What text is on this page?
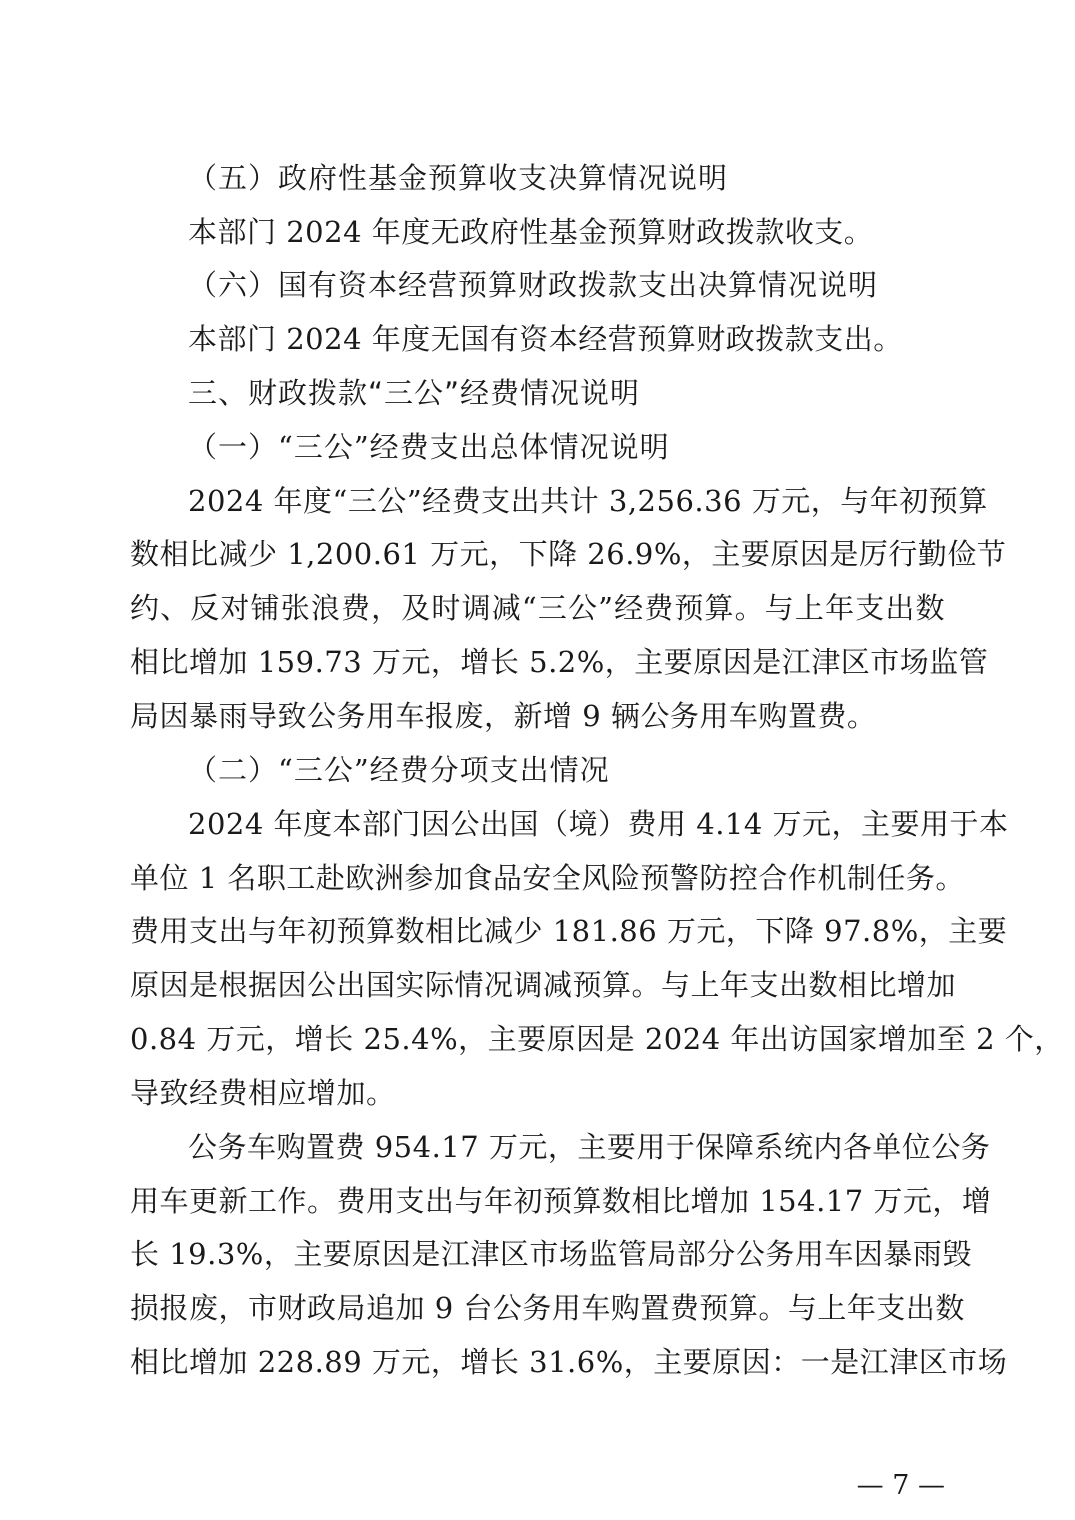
（五）政府性基金预算收支决算情况说明
本部门 2024 年度无政府性基金预算财政拨款收支。
（六）国有资本经营预算财政拨款支出决算情况说明
本部门 2024 年度无国有资本经营预算财政拨款支出。
三、财政拨款“三公”经费情况说明
（一）“三公”经费支出总体情况说明
2024 年度“三公”经费支出共计 3,256.36 万元，与年初预算
数相比减少 1,200.61 万元，下降 26.9%，主要原因是厉行勤俭节
约、反对铺张浪费，及时调减“三公”经费预算。与上年支出数
相比增加 159.73 万元，增长 5.2%，主要原因是江津区市场监管
局因暴雨导致公务用车报废，新增 9 辆公务用车购置费。
（二）“三公”经费分项支出情况
2024 年度本部门因公出国（境）费用 4.14 万元，主要用于本
单位 1 名职工赴欧洲参加食品安全风险预警防控合作机制任务。
费用支出与年初预算数相比减少 181.86 万元，下降 97.8%，主要
原因是根据因公出国实际情况调减预算。与上年支出数相比增加
0.84 万元，增长 25.4%，主要原因是 2024 年出访国家增加至 2 个，
导致经费相应增加。
公务车购置费 954.17 万元，主要用于保障系统内各单位公务
用车更新工作。费用支出与年初预算数相比增加 154.17 万元，增
长 19.3%，主要原因是江津区市场监管局部分公务用车因暴雨毁
损报废，市财政局追加 9 台公务用车购置费预算。与上年支出数
相比增加 228.89 万元，增长 31.6%，主要原因：一是江津区市场
— 7 —
